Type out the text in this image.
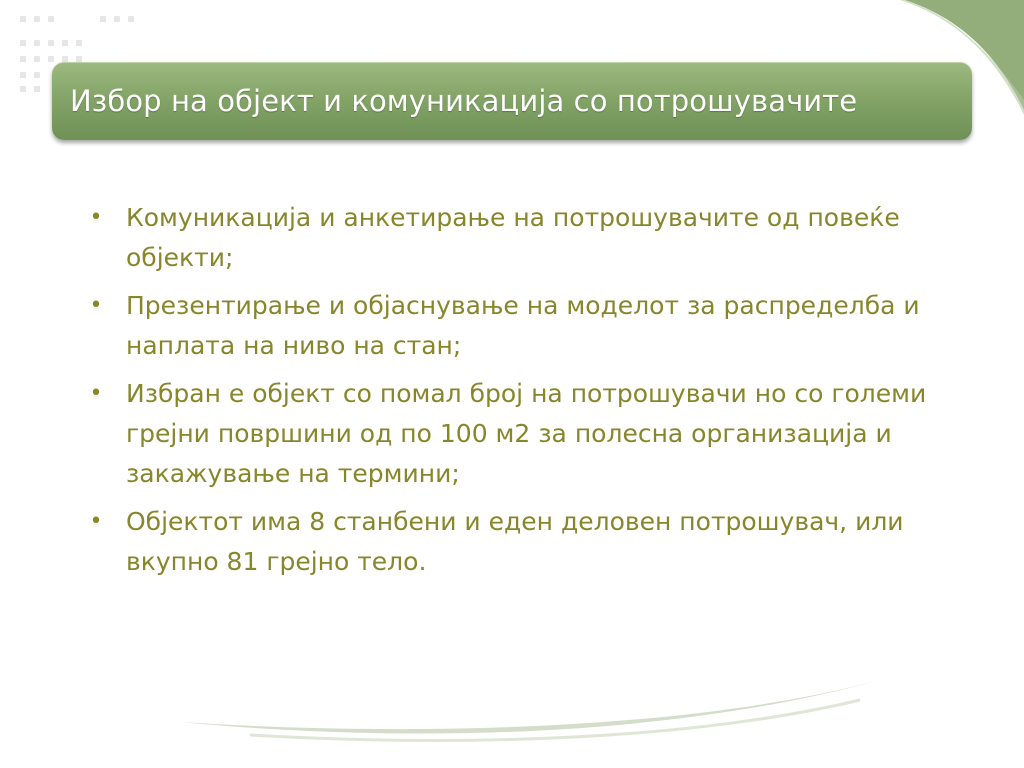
Избор на објект и комуникација со потрошувачите
• Комуникација и анкетирање на потрошувачите од повеќе објекти;
• Презентирање и објаснување на моделот за распределба и наплата на ниво на стан;
• Избран е објект со помал број на потрошувачи но со големи грејни површини од по 100 м2 за полесна организација и закажување на термини;
• Објектот има 8 станбени и еден деловен потрошувач, или вкупно 81 грејно тело.
